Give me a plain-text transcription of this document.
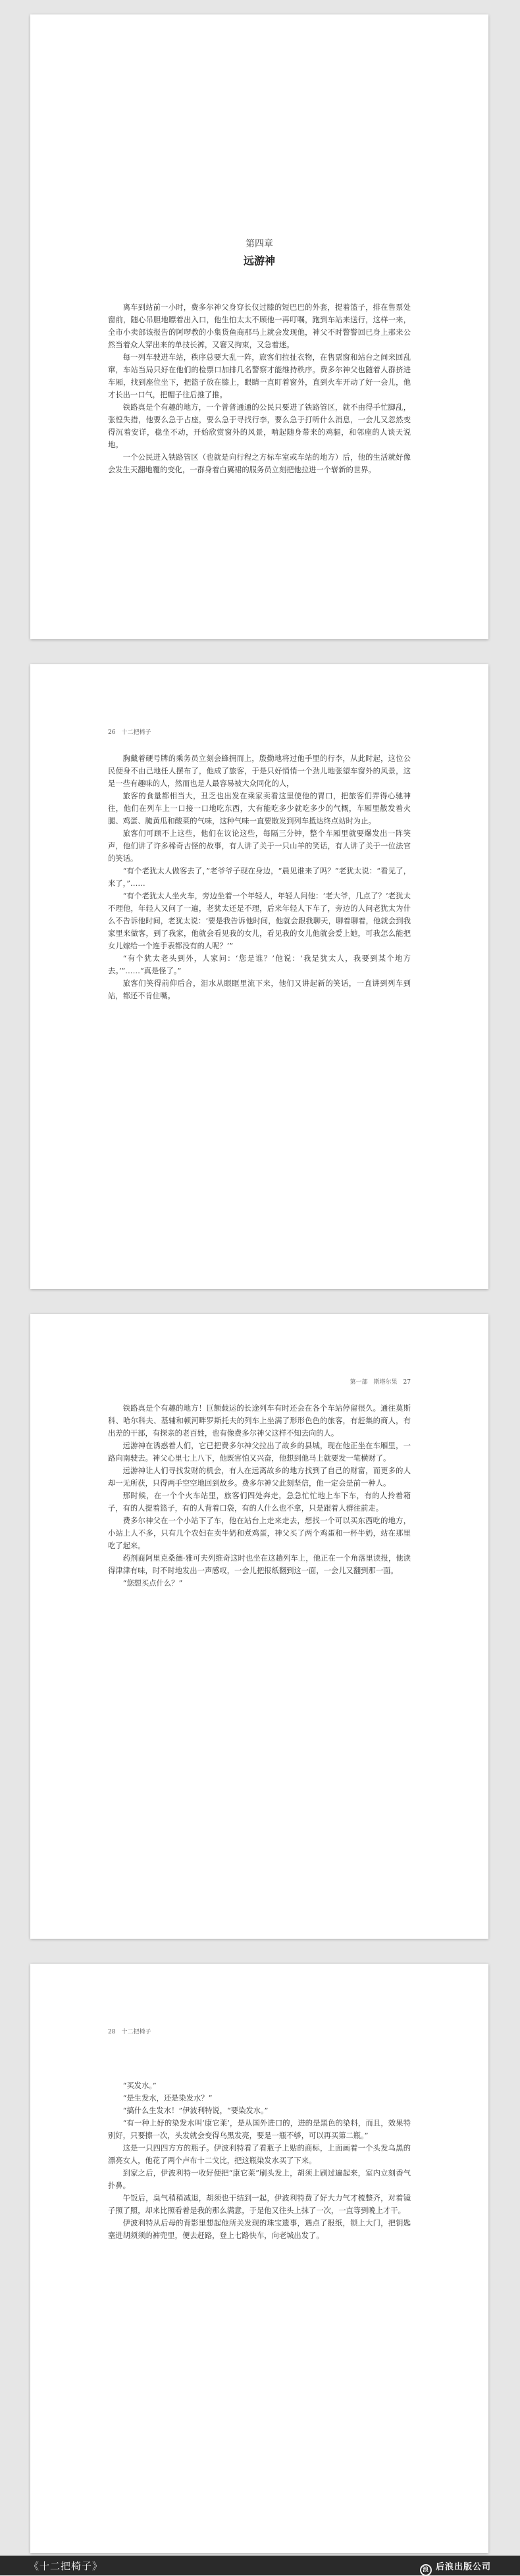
第四章
远游神

离车到站前一小时，费多尔神父身穿长仅过膝的短巴巴的外套，提着篮子，排在售票处窗前，随心吊胆地瞟着出入口，他生怕太太不顾他一再叮嘱，跑到车站来送行，这样一来，全市小卖部该报告的阿啰教的小集货鱼商那马上就会发现他，神父不时瞥警回已身上那来公然当着众人穿出来的单技长裤，又窘又拘束，又急着迷。

每一列车驶进车站，秩序总要大乱一阵，旅客们拉扯衣物，在售票窗和站台之间来回乱窜，车站当局只好在他们的检票口加排几名警察才能维持秩序。费多尔神父也随着人群挤进车厢，找到座位坐下，把篮子放在膝上，眼睛一直盯着窗外，直到火车开动了好一会儿，他才长出一口气，把帽子往后推了推。

铁路真是个有趣的地方，一个普普通通的公民只要进了铁路管区，就不由得手忙脚乱，张惶失措，他要么急于占座，要么急于寻找行李，要么急于打听什么消息，一会儿又忽然变得沉着安详，稳坐不动，开始欣赏窗外的风景，啃起随身带来的鸡腿，和邻座的人谈天说地。

一个公民进入铁路管区（也就是向行程之方标车室或车站的地方）后，他的生活就好像会发生天翻地覆的变化，一群身着白翼裙的服务员立刻把他拉进一个崭新的世界。

26　十二把椅子

胸戴着硬号牌的乘务员立刻会蜂拥而上，殷勤地将过他手里的行李，从此时起，这位公民便身不由己地任人摆布了，他成了旅客，于是只好悄悄一个劲儿地张望车窗外的风景，这是一些有趣味的人，然而也是人最容易被大众同化的人，

旅客的食量都相当大，丑乏也出发在乘家卖看这里使他的胃口，把旅客们弄得心驰神往，他们在列车上一口接一口地吃东西，大有能吃多少就吃多少的气概，车厢里散发着火腿、鸡蛋、腌黄瓜和酸菜的气味，这种气味一直要散发到列车抵达终点站时为止。

旅客们可顾不上这些，他们在议论这些，每隔三分钟，整个车厢里就要爆发出一阵笑声，他们讲了许多稀奇古怪的故事，有人讲了关于一只山羊的笑话，有人讲了关于一位法官的笑话。

“有个老犹太人做客去了，”老爷爷子现在身边，“晨见谁来了吗？”老犹太说：“看见了，来了，”……

“有个老犹太人坐火车，旁边坐着一个年轻人，年轻人问他：‘老大爷，几点了？’老犹太不理他，年轻人又问了一遍，老犹太还是不理，后来年轻人下车了，旁边的人问老犹太为什么不告诉他时间，老犹太说：‘要是我告诉他时间，他就会跟我聊天，聊着聊着，他就会到我家里来做客，到了我家，他就会看见我的女儿，看见我的女儿他就会爱上她，可我怎么能把女儿嫁给一个连手表都没有的人呢？’”

“有个犹太老头到外，人家问：‘您是谁？’他说：‘我是犹太人，我要到某个地方去。’”……“真是怪了。”

旅客们笑得前仰后合，泪水从眼眶里流下来，他们又讲起新的笑话，一直讲到列车到站，都还不肯住嘴。

第一部　斯塔尔果　27

铁路真是个有趣的地方！巨额载运的长途列车有时还会在各个车站停留很久。通往莫斯科、哈尔科夫、基辅和顿河畔罗斯托夫的列车上坐满了形形色色的旅客，有赶集的商人，有出差的干部，有探亲的老百姓，也有像费多尔神父这样不知去向的人。

远游神在诱惑着人们，它已把费多尔神父拉出了故乡的县城，现在他正坐在车厢里，一路向南驶去。神父心里七上八下，他既害怕又兴奋，他想到他马上就要发一笔横财了。

远游神让人们寻找发财的机会，有人在远离故乡的地方找到了自己的财富，而更多的人却一无所获，只得两手空空地回到故乡。费多尔神父此刻坚信，他一定会是前一种人。

那时候，在一个个火车站里，旅客们四处奔走，急急忙忙地上车下车，有的人拎着箱子，有的人提着篮子，有的人背着口袋，有的人什么也不拿，只是跟着人群往前走。

费多尔神父在一个小站下了车，他在站台上走来走去，想找一个可以买东西吃的地方，小站上人不多，只有几个农妇在卖牛奶和煮鸡蛋，神父买了两个鸡蛋和一杯牛奶，站在那里吃了起来。

药剂商阿里克桑德·雅可夫列维奇这时也坐在这趟列车上，他正在一个角落里读报，他读得津津有味，时不时地发出一声感叹，一会儿把报纸翻到这一面，一会儿又翻到那一面。

“您想买点什么？”

28　十二把椅子

“买发水。”

“是生发水，还是染发水？”

“搞什么生发水！”伊波利特说，“要染发水。”

“有一种上好的染发水叫‘康它莱’，是从国外进口的，进的是黑色的染料，而且，效果特别好，只要擦一次，头发就会变得乌黑发亮，要是一瓶不够，可以再买第二瓶。”

这是一只四四方方的瓶子。伊波利特看了看瓶子上贴的商标，上面画着一个头发乌黑的漂亮女人，他花了两个卢布十二戈比，把这瓶染发水买了下来。

到家之后，伊波利特一收好便把“康它莱”刷头发上，胡须上刷过遍起来，室内立刻香气扑鼻。

午饭后，臭气稍稍减退，胡须也干结到一起，伊波利特费了好大力气才梳整齐，对着镜子照了照，却来比照看着是我的那么满意，于是他又往头上抹了一次，一直等到晚上才干。

伊波利特从后母的背影里想起他所关发现的珠宝遗事，遇点了报纸，锁上大门，把钥匙塞进胡须须的裤兜里，便去赶路，登上七路快车，向老城出发了。

《十二把椅子》	浪 后浪出版公司
